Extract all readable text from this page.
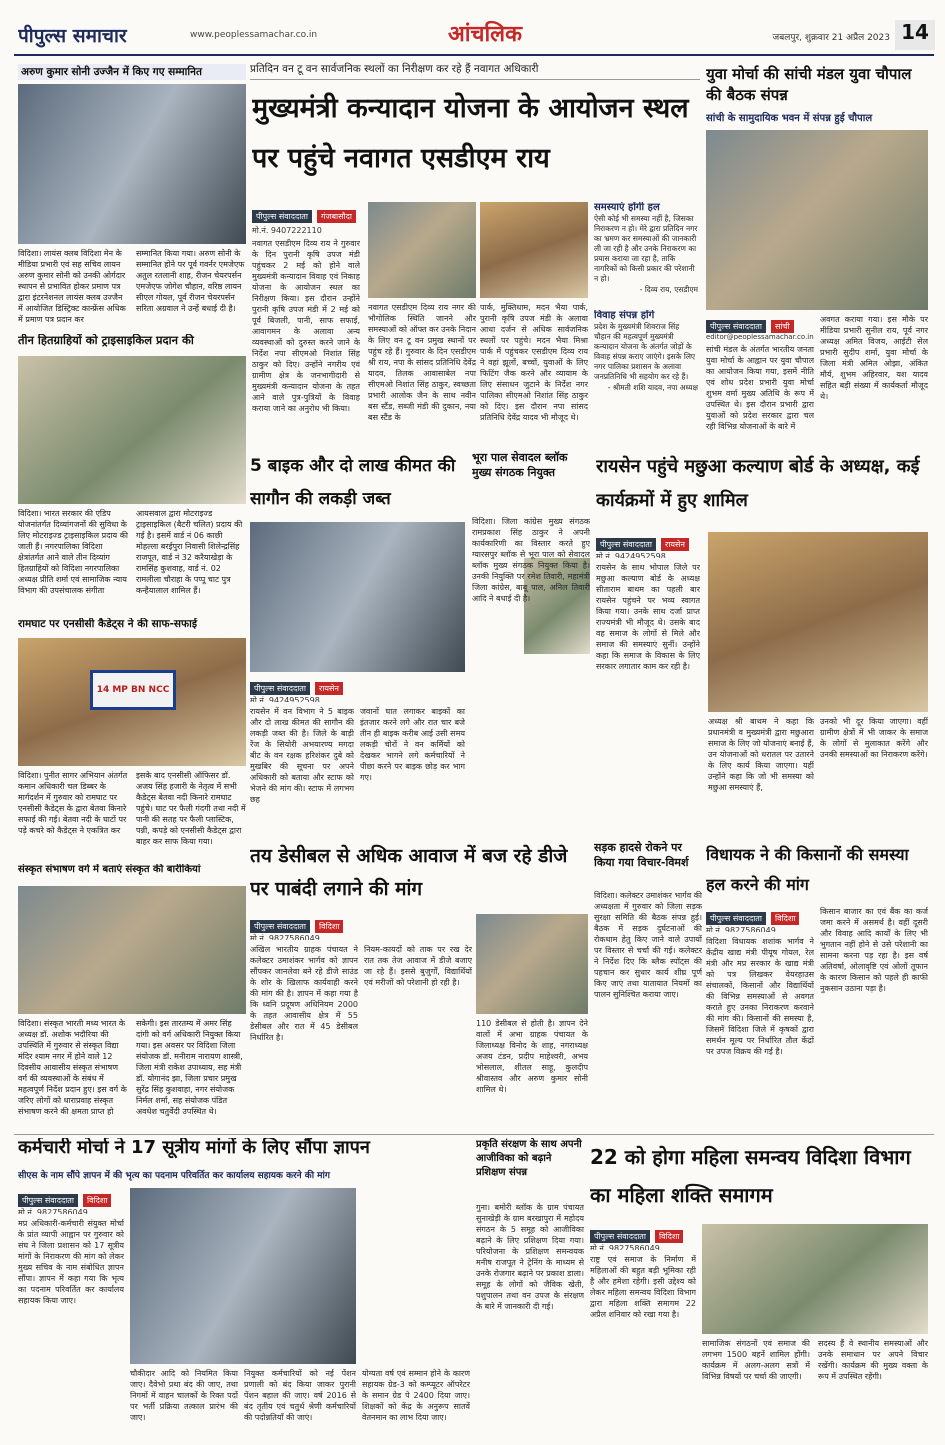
पीपुल्स समाचार	www.peoplessamachar.co.in	आंचलिक	जबलपुर, शुक्रवार 21 अप्रैल 2023 14
अरुण कुमार सोनी उज्जैन में किए गए सम्मानित
विदिशा। लायंस क्लब विदिशा मेन के मीडिया प्रभारी एवं सह सचिव लायन अरुण कुमार सोनी को उनकी ओर्गदार स्थापन से प्रभावित होकर प्रमाण पत्र द्वारा इंटरनेशनल लायंस क्लब उज्जैन में आयोजित डिस्ट्रिक्ट कान्फ्रेंस अधिक में प्रमाण पत्र प्रदान कर
सम्मानित किया गया। अरुण सोनी के सम्मानित होने पर पूर्व गवर्नर एमजेएफ अतुल रतलानी शाह, रीजन चेयरपर्सन एमजेएफ जोगेश चौहान, वरिष्ठ लायन सीएल गोयल, पूर्व रीजन चेयरपर्सन सरिता अग्रवाल ने उन्हें बधाई दी है।
तीन हितग्राहियों को ट्राइसाइकिल प्रदान की
विदिशा। भारत सरकार की एडिप योजनांतर्गत दिव्यांगजनों की सुविधा के लिए मोटराइज्ड ट्राइसाइकिल प्रदाय की जाती हैं। नगरपालिका विदिशा क्षेत्रांतर्गत आने वाले तीन दिव्यांग हितग्राहियों को विदिशा नगरपालिका अध्यक्ष प्रीति शर्मा एवं सामाजिक न्याय विभाग की उपसंचालक संगीता
आयसवाल द्वारा मोटराइज्ड ट्राइसाइकिल (बैटरी चलित) प्रदाय की गई है। इसमें वार्ड नं 06 काछी मोहल्ला बरईपुरा निवासी शिलेन्द्रसिंह राजपूत, वार्ड नं 32 करैयाखेड़ा के रामसिंह कुशवाह, वार्ड नं. 02 रामलीला चौराहा के पप्पू चाट पुत्र कन्हैयालाल शामिल हैं।
रामघाट पर एनसीसी कैडेट्स ने की साफ-सफाई
14 MP BN NCC
विदिशा। पुनीत सागर अभियान अंतर्गत कमान अधिकारी चल डिब्बर के मार्गदर्शन में गुरुवार को रामघाट पर एनसीसी कैडेट्स के द्वारा बेतवा किनारे सफाई की गई। बेतवा नदी के घाटों पर पड़े कचरे को कैडेट्स ने एकत्रित कर
इसके बाद एनसीसी ऑफिसर डॉ. अजय सिंह हजारी के नेतृत्व में सभी कैडेट्स बेतवा नदी किनारे रामघाट पहुंचे। घाट पर फैली गंदगी तथा नदी में पानी की सतह पर फैली प्लास्टिक, पन्नी, कपड़े को एनसीसी कैडेट्स द्वारा बाहर कर साफ किया गया।
संस्कृत संभाषण वर्ग में बताएं संस्कृत की बारीकियां
विदिशा। संस्कृत भारती मध्य भारत के अध्यक्ष डॉ. अशोक भदौरिया की उपस्थिति में गुरुवार से संस्कृत विद्या मंदिर श्याम नगर में होने वाले 12 दिवसीय आवासीय संस्कृत संभाषण वर्ग की व्यवस्थाओं के संबंध में महत्वपूर्ण निर्देश प्रदान हुए। इस वर्ग के जरिए लोगों को धाराप्रवाह संस्कृत संभाषण करने की क्षमता प्राप्त हो
सकेगी। इस तारतम्य में अमर सिंह दांगी को वर्ग अधिकारी नियुक्त किया गया। इस अवसर पर विदिशा जिला संयोजक डॉ. मनीराम नारायण शास्त्री, जिला मंत्री राकेश उपाध्याय, सह मंत्री डॉ. योगानंद झा, जिला प्रचार प्रमुख सुरेंद्र सिंह कुशवाहा, नगर संयोजक निर्मल शर्मा, सह संयोजक पंडित अवधेश चतुर्वेदी उपस्थित थे।
प्रतिदिन वन टू वन सार्वजनिक स्थलों का निरीक्षण कर रहे हैं नवागत अधिकारी
मुख्यमंत्री कन्यादान योजना के आयोजन स्थल पर पहुंचे नवागत एसडीएम राय
पीपुल्स संवाददाता गंजबासौदा
मो.नं. 9407222110
नवागत एसडीएम दिव्य राय ने गुरुवार के दिन पुरानी कृषि उपज मंडी पहुंचकर 2 मई को होने वाले मुख्यमंत्री कन्यादान विवाह एवं निकाह योजना के आयोजन स्थल का निरीक्षण किया। इस दौरान उन्होंने पुरानी कृषि उपज मंडी में 2 मई को पूर्व बिजली, पानी, साफ सफाई, आवागमन के अलावा अन्य व्यवस्थाओं को दुरुस्त करने जाने के निर्देश नपा सीएमओ निशांत सिंह ठाकुर को दिए। उन्होंने नगरीय एवं ग्रामीण क्षेत्र के जनभागीदारी से मुख्यमंत्री कन्यादान योजना के तहत आने वाले पुत्र-पुत्रियों के विवाह कराया जाने का अनुरोध भी किया।
नवागत एसडीएम दिव्य राय नगर की भौगोलिक स्थिति जानने और समस्याओं को ऑफ्त कर उनके निदान के लिए वन टू वन प्रमुख स्थानों पर पहुंच रहे हैं। गुरुवार के दिन एसडीएम श्री राय, नपा के सांसद प्रतिनिधि देवेंद्र यादव, तिलक आवासाबेल नपा सीएमओ निशांत सिंह ठाकुर, स्वच्छता प्रभारी आलोक जैन के साथ नवीन बस स्टैंड, सब्जी मंडी की दुकान, नया बस स्टैंड के
पार्क, मुक्तिधाम, मदन भैया पार्क, पुरानी कृषि उपज मंडी के अलावा आधा दर्जन से अधिक सार्वजनिक स्थलों पर पहुंचे। मदन भैया मिश्रा पार्क में पहुंचकर एसडीएम दिव्य राय ने वहां झूलों, बच्चों, युवाओं के लिए फिटिंग जैक करने और व्यायाम के लिए संसाधन जुटाने के निर्देश नगर पालिका सीएमओ निशांत सिंह ठाकुर को दिए। इस दौरान नपा सांसद प्रतिनिधि देवेंद्र यादव भी मौजूद थे।
समस्याएं होंगी हल
ऐसी कोई भी समस्या नहीं है, जिसका निराकरण न हो। मेरे द्वारा प्रतिदिन नगर का भ्रमण कर समस्याओं की जानकारी ली जा रही है और उनके निराकरण का प्रयास कराया जा रहा है, ताकि नागरिकों को किसी प्रकार की परेशानी न हो।
- दिव्य राय, एसडीएम
विवाह संपन्न होंगे
प्रदेश के मुख्यमंत्री शिवराज सिंह चौहान की महत्वपूर्ण मुख्यमंत्री कन्यादान योजना के अंतर्गत जोड़ों के विवाह संपन्न कराए जाएंगे। इसके लिए नगर पालिका प्रशासन के अलावा जनप्रतिनिधि भी सहयोग कर रहे हैं।
- श्रीमती शशि यादव, नपा अध्यक्ष
5 बाइक और दो लाख कीमत की सागौन की लकड़ी जब्त
पीपुल्स संवाददाता रायसेन
मो.नं. 9424952598
रायसेन में वन विभाग ने 5 बाइक और दो लाख कीमत की सागौन की लकड़ी जब्त की है। जिले के बाड़ी रेंज के सियोरी अभयारण्य मगदा बीट के वन रक्षक हरिशंकर दुबे को मुखबिर की सूचना पर अपने अधिकारी को बताया और स्टाफ को भेजने की मांग की। स्टाफ में लगभग छह
जवानों घात लगाकर बाइकों का इंतजार करने लगे और रात चार बजे तीन ही बाइक करीब आई उसी समय लकड़ी चोरों ने वन कर्मियों को देखकर भागने लगे कर्मचारियों ने पीछा करने पर बाइक छोड़ कर भाग गए।
भूरा पाल सेवादल ब्लॉक मुख्य संगठक नियुक्त
विदिशा। जिला कांग्रेस मुख्य संगठक रामप्रकाश सिंह ठाकुर ने अपनी कार्यकारिणी का विस्तार करते हुए ग्यारसपुर ब्लॉक से भूरा पाल को सेवादल ब्लॉक मुख्य संगठक नियुक्त किया है। उनकी नियुक्ति पर रमेश तिवारी, महामंत्री जिला कांग्रेस, बाबू पाल, अनिल तिवारी आदि ने बधाई दी है।
तय डेसीबल से अधिक आवाज में बज रहे डीजे पर पाबंदी लगाने की मांग
पीपुल्स संवाददाता विदिशा
मो.नं. 9827586049
अखिल भारतीय ग्राहक पंचायत ने कलेक्टर उमाशंकर भार्गव को ज्ञापन सौंपकर जानलेवा बने रहे डीजे साउंड के शोर के खिलाफ कार्यवाही करने की मांग की है। ज्ञापन में कहा गया है कि ध्वनि प्रदूषण अधिनियम 2000 के तहत आवासीय क्षेत्र में 55 डेसीबल और रात में 45 डेसीबल निर्धारित है।
नियम-कायदों को ताक पर रख देर रात तक तेज आवाज में डीजे बजाए जा रहे हैं। इससे बुजुर्गों, विद्यार्थियों एवं मरीजों को परेशानी हो रही है।
110 डेसीबल से होती है। ज्ञापन देने वालों में अभा ग्राहक पंचायत के जिलाध्यक्ष विनोद के शाह, नगराध्यक्ष अजय टंडन, प्रदीप माहेश्वरी, अभय भोसलाल, शीतल साहू, कुलदीप श्रीवास्तव और अरुण कुमार सोनी शामिल थे।
युवा मोर्चा की सांची मंडल युवा चौपाल की बैठक संपन्न
सांची के सामुदायिक भवन में संपन्न हुई चौपाल
पीपुल्स संवाददाता सांची
editor@peoplessamachar.co.in
सांची मंडल के अंतर्गत भारतीय जनता युवा मोर्चा के आह्वान पर युवा चौपाल का आयोजन किया गया, इसमें नीति एवं शोध प्रदेश प्रभारी युवा मोर्चा शुभम वर्मा मुख्य अतिथि के रूप में उपस्थित थे। इस दौरान प्रभारी द्वारा युवाओं को प्रदेश सरकार द्वारा चल रही विभिन्न योजनाओं के बारे में
अवगत कराया गया। इस मौके पर मीडिया प्रभारी सुनील राय, पूर्व नगर अध्यक्ष अमित विजय, आईटी सेल प्रभारी सुदीप शर्मा, युवा मोर्चा के जिला मंत्री अमित ओझा, अंकित मौर्य, शुभम अहिरवार, यश यादव सहित बड़ी संख्या में कार्यकर्ता मौजूद थे।
रायसेन पहुंचे मछुआ कल्याण बोर्ड के अध्यक्ष, कई कार्यक्रमों में हुए शामिल
पीपुल्स संवाददाता रायसेन
मो.नं. 9424952598
रायसेन के साथ भोपाल जिले पर मछुआ कल्याण बोर्ड के अध्यक्ष सीताराम बाथम का पहली बार रायसेन पहुंचने पर भव्य स्वागत किया गया। उनके साथ दर्जा प्राप्त राज्यमंत्री भी मौजूद थे। उसके बाद वह समाज के लोगों से मिले और समाज की समस्याएं सुनीं। उन्होंने कहा कि समाज के विकास के लिए सरकार लगातार काम कर रही है।
अध्यक्ष श्री बाथम ने कहा कि प्रधानमंत्री व मुख्यमंत्री द्वारा मछुआरा समाज के लिए जो योजनाएं बनाई हैं, उन योजनाओं को धरातल पर उतारने के लिए कार्य किया जाएगा। यहीं उन्होंने कहा कि जो भी समस्या को मछुआ समस्याएं हैं,
उनको भी दूर किया जाएगा। वहीं ग्रामीण क्षेत्रों में भी जाकर के समाज के लोगों से मुलाकात करेंगे और उनकी समस्याओं का निराकरण करेंगे।
सड़क हादसे रोकने पर किया गया विचार-विमर्श
विदिशा। कलेक्टर उमाशंकर भार्गव की अध्यक्षता में गुरुवार को जिला सड़क सुरक्षा समिति की बैठक संपन्न हुई। बैठक में सड़क दुर्घटनाओं की रोकथाम हेतु किए जाने वाले उपायों पर विस्तार से चर्चा की गई। कलेक्टर ने निर्देश दिए कि ब्लैक स्पॉट्स की पहचान कर सुधार कार्य शीघ्र पूर्ण किए जाएं तथा यातायात नियमों का पालन सुनिश्चित कराया जाए।
विधायक ने की किसानों की समस्या हल करने की मांग
पीपुल्स संवाददाता विदिशा
मो.नं. 9827586049
विदिशा विधायक शशांक भार्गव ने केंद्रीय खाद्य मंत्री पीयूष गोयल, रेल मंत्री और मप्र सरकार के खाद्य मंत्री को पत्र लिखकर वेयरहाउस संचालकों, किसानों और विद्यार्थियों की विभिन्न समस्याओं से अवगत कराते हुए उनका निराकरण करवाने की मांग की। किसानों की समस्या है, जिसमें विदिशा जिले में कृषकों द्वारा समर्थन मूल्य पर निर्धारित तौल केंद्रों पर उपज विक्रय की गई है।
किसान बाजार का एवं बैंक का कर्ज जमा करने में असमर्थ है। वहीं दूसरी और विवाह आदि कार्यों के लिए भी भुगतान नहीं होने से उसे परेशानी का सामना करना पड़ रहा है। इस वर्ष अतिवर्षा, ओलावृष्टि एवं ओलों तूफान के कारण किसान को पहले ही काफी नुकसान उठाना पड़ा है।
कर्मचारी मोर्चा ने 17 सूत्रीय मांगों के लिए सौंपा ज्ञापन
सीएस के नाम सौंपे ज्ञापन में की भृत्य का पदनाम परिवर्तित कर कार्यालय सहायक करने की मांग
पीपुल्स संवाददाता विदिशा
मो.नं. 9827586049
मप्र अधिकारी-कर्मचारी संयुक्त मोर्चा के प्रांत व्यापी आह्वान पर गुरुवार को संघ ने जिला प्रशासन को 17 सूत्रीय मांगों के निराकरण की मांग को लेकर मुख्य सचिव के नाम संबोधित ज्ञापन सौंपा। ज्ञापन में कहा गया कि भृत्य का पदनाम परिवर्तित कर कार्यालय सहायक किया जाए।
चौकीदार आदि को नियमित किया जाए। दैवेभो प्रथा बंद की जाए, तथा निगमों में वाहन चालकों के रिक्त पदों पर भर्ती प्रक्रिया तत्काल प्रारंभ की जाए।
नियुक्त कर्मचारियों को नई पेंशन प्रणाली को बंद किया जाकर पुरानी पेंशन बहाल की जाए। वर्ष 2016 से बंद तृतीय एवं चतुर्थ श्रेणी कर्मचारियों की पदोन्नतियाँ की जाएं।
योग्यता वर्ष एवं सम्मान होने के कारण सहायक ग्रेड-3 को कम्प्यूटर ऑपरेटर के समान ग्रेड पे 2400 दिया जाए। शिक्षकों को केंद्र के अनुरूप सातवें वेतनमान का लाभ दिया जाए।
प्रकृति संरक्षण के साथ अपनी आजीविका को बढ़ाने प्रशिक्षण संपन्न
गुना। बमोरी ब्लॉक के ग्राम पंचायत सुनाखेड़ी के ग्राम बरखापुरा में महोदय संगठन के 5 समूह को आजीविका बढ़ाने के लिए प्रशिक्षण दिया गया। परियोजना के प्रशिक्षण समन्वयक मनीष राजपूत ने ट्रेनिंग के माध्यम से उनके रोजगार बढ़ाने पर प्रकाश डाला। समूह के लोगों को जैविक खेती, पशुपालन तथा वन उपज के संरक्षण के बारे में जानकारी दी गई।
22 को होगा महिला समन्वय विदिशा विभाग का महिला शक्ति समागम
पीपुल्स संवाददाता विदिशा
मो.नं. 9827586049
राष्ट्र एवं समाज के निर्माण में महिलाओं की बहुत बड़ी भूमिका रही है और हमेशा रहेगी। इसी उद्देश्य को लेकर महिला समन्वय विदिशा विभाग द्वारा महिला शक्ति समागम 22 अप्रैल शनिवार को रखा गया है।
सामाजिक संगठनों एवं समाज की लगभग 1500 बहनें शामिल होंगी। कार्यक्रम में अलग-अलग सत्रों में विभिन्न विषयों पर चर्चा की जाएगी।
सदस्य हैं वे स्थानीय समस्याओं और उनके समाधान पर अपने विचार रखेंगी। कार्यक्रम की मुख्य वक्ता के रूप में उपस्थित रहेंगी।
